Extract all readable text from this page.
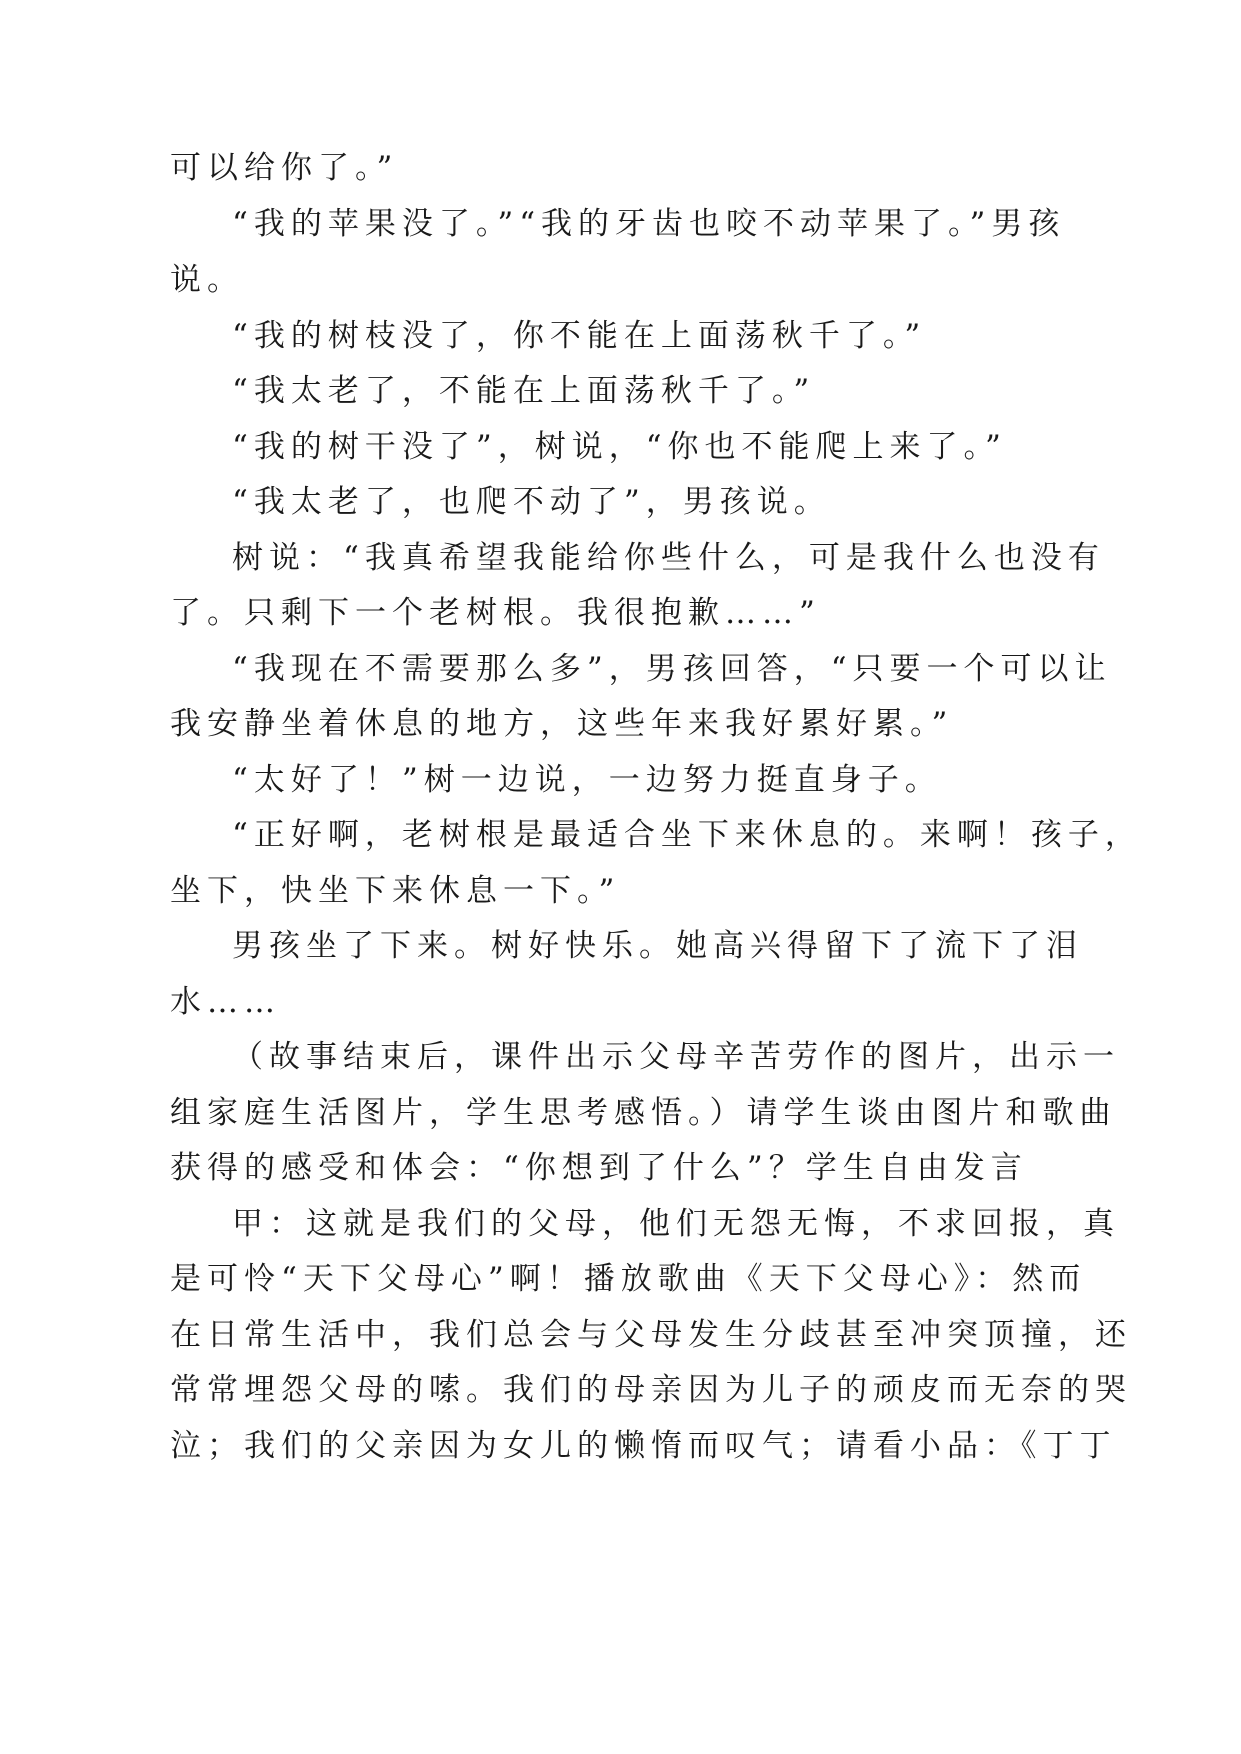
可以给你了。”

“我的苹果没了。”“我的牙齿也咬不动苹果了。”男孩

说。

“我的树枝没了，你不能在上面荡秋千了。”

“我太老了，不能在上面荡秋千了。”

“我的树干没了”，树说，“你也不能爬上来了。”

“我太老了，也爬不动了”，男孩说。

树说：“我真希望我能给你些什么，可是我什么也没有

了。只剩下一个老树根。我很抱歉……”

“我现在不需要那么多”，男孩回答，“只要一个可以让

我安静坐着休息的地方，这些年来我好累好累。”

“太好了！”树一边说，一边努力挺直身子。

“正好啊，老树根是最适合坐下来休息的。来啊！孩子，

坐下，快坐下来休息一下。”

男孩坐了下来。树好快乐。她高兴得留下了流下了泪

水……

（故事结束后，课件出示父母辛苦劳作的图片，出示一

组家庭生活图片，学生思考感悟。）请学生谈由图片和歌曲

获得的感受和体会：“你想到了什么”？学生自由发言

甲：这就是我们的父母，他们无怨无悔，不求回报，真

是可怜“天下父母心”啊！播放歌曲《天下父母心》：然而

在日常生活中，我们总会与父母发生分歧甚至冲突顶撞，还

常常埋怨父母的嗦。我们的母亲因为儿子的顽皮而无奈的哭

泣；我们的父亲因为女儿的懒惰而叹气；请看小品：《丁丁
